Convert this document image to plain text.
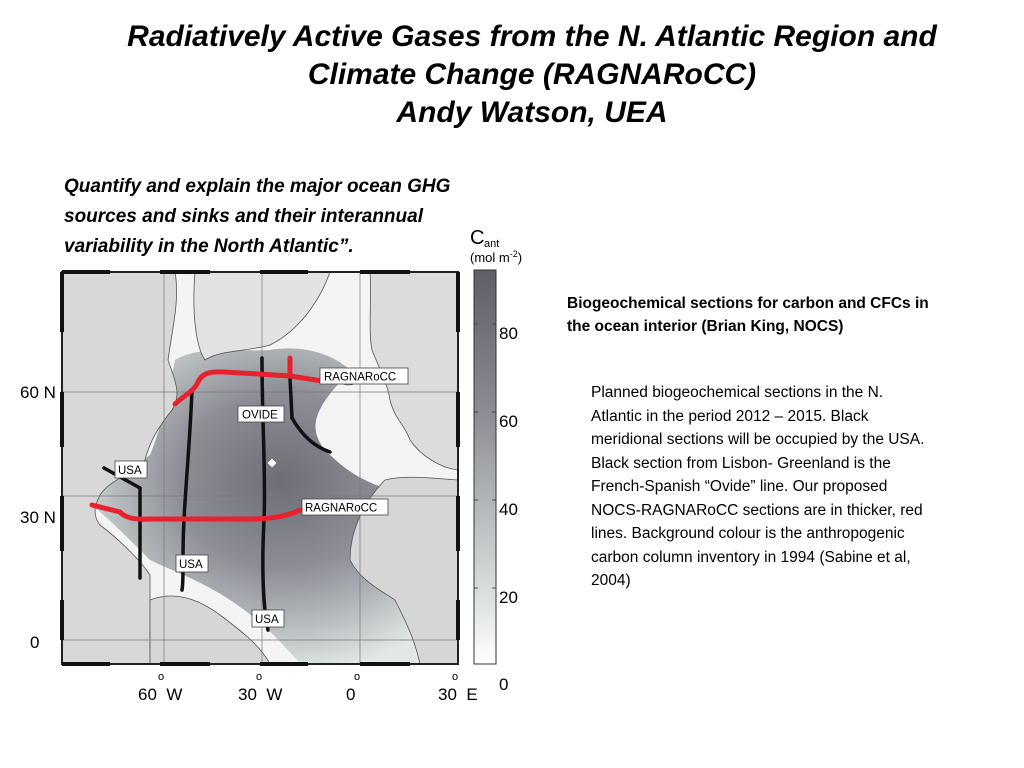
Radiatively Active Gases from the N. Atlantic Region and
Climate Change (RAGNARoCC)
Andy Watson, UEA
Quantify and explain the major ocean GHG
sources and sinks and their interannual
variability in the North Atlantic”.
Biogeochemical sections for carbon and CFCs in
the ocean interior (Brian King, NOCS)
Planned biogeochemical sections in the N.
Atlantic in the period 2012 – 2015. Black
meridional sections will be occupied by the USA.
Black section from Lisbon- Greenland is the
French-Spanish “Ovide” line. Our proposed
NOCS-RAGNARoCC sections are in thicker, red
lines. Background colour is the anthropogenic
carbon column inventory in 1994 (Sabine et al,
2004)
RAGNARoCC
OVIDE
RAGNARoCC
USA
USA
USA
60 N
30 N
0
o	o	o	o
60  W	30  W	0	30  E
C ant
(mol $m^{-2}$)
80
60
40
20
0
